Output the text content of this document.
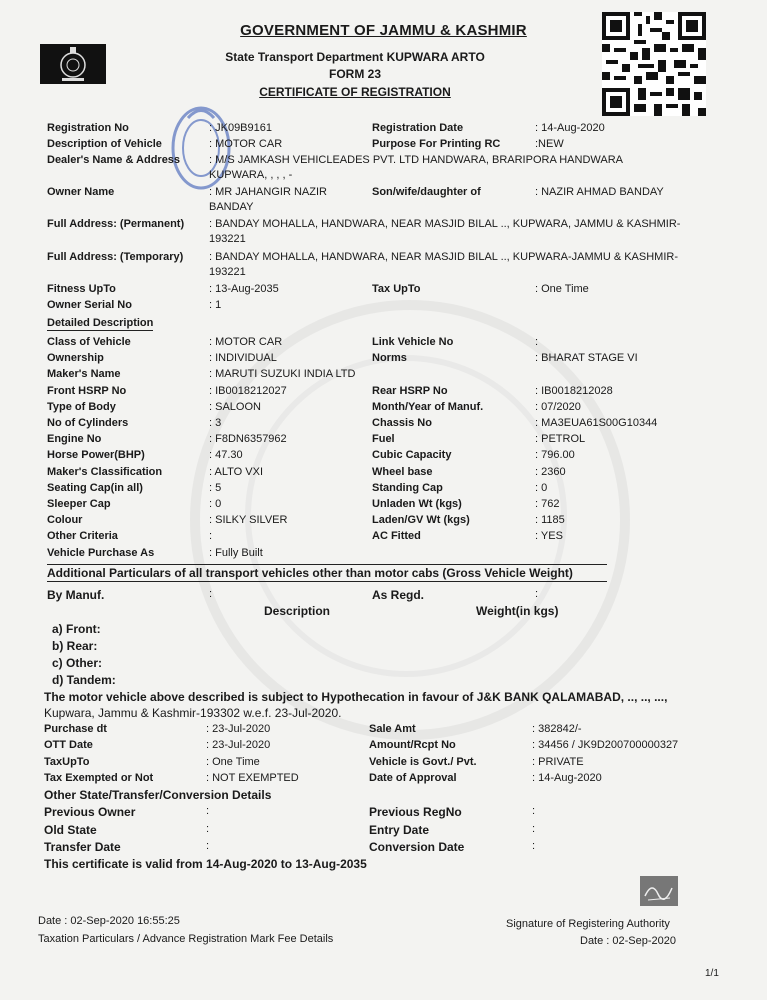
GOVERNMENT OF JAMMU & KASHMIR
State Transport Department KUPWARA ARTO
FORM 23
CERTIFICATE OF REGISTRATION
Registration No	: JK09B9161	Registration Date	: 14-Aug-2020
Description of Vehicle	: MOTOR CAR	Purpose For Printing RC	:NEW
Dealer's Name & Address	: M/S JAMKASH VEHICLEADES PVT. LTD HANDWARA, BRARIPORA HANDWARA
KUPWARA, , , , -
Owner Name	: MR JAHANGIR NAZIR	Son/wife/daughter of	: NAZIR AHMAD BANDAY
BANDAY
Full Address: (Permanent) : BANDAY MOHALLA, HANDWARA, NEAR MASJID BILAL .., KUPWARA, JAMMU & KASHMIR-
193221
Full Address: (Temporary) : BANDAY MOHALLA, HANDWARA, NEAR MASJID BILAL .., KUPWARA-JAMMU & KASHMIR-
193221
Fitness UpTo	: 13-Aug-2035	Tax UpTo	: One Time
Owner Serial No	: 1
Detailed Description
Class of Vehicle	: MOTOR CAR	Link Vehicle No	:
Ownership	: INDIVIDUAL	Norms	: BHARAT STAGE VI
Maker's Name	: MARUTI SUZUKI INDIA LTD
Front HSRP No	: IB0018212027	Rear HSRP No	: IB0018212028
Type of Body	: SALOON	Month/Year of Manuf.	: 07/2020
No of Cylinders	: 3	Chassis No	: MA3EUA61S00G10344
Engine No	: F8DN6357962	Fuel	: PETROL
Horse Power(BHP)	: 47.30	Cubic Capacity	: 796.00
Maker's Classification	: ALTO VXI	Wheel base	: 2360
Seating Cap(in all)	: 5	Standing Cap	: 0
Sleeper Cap	: 0	Unladen Wt (kgs)	: 762
Colour	: SILKY SILVER	Laden/GV Wt (kgs)	: 1185
Other Criteria	:	AC Fitted	: YES
Vehicle Purchase As	: Fully Built
Additional Particulars of all transport vehicles other than motor cabs (Gross Vehicle Weight)
By Manuf.	:	As Regd.	:
Description	Weight(in kgs)
a) Front:
b) Rear:
c) Other:
d) Tandem:
The motor vehicle above described is subject to Hypothecation in favour of J&K BANK QALAMABAD, .., .., ...,
Kupwara, Jammu & Kashmir-193302 w.e.f. 23-Jul-2020.
Purchase dt	: 23-Jul-2020	Sale Amt	: 382842/-
OTT Date	: 23-Jul-2020	Amount/Rcpt No	: 34456 / JK9D200700000327
TaxUpTo	: One Time	Vehicle is Govt./ Pvt.	: PRIVATE
Tax Exempted or Not	: NOT EXEMPTED	Date of Approval	: 14-Aug-2020
Other State/Transfer/Conversion Details
Previous Owner	:	Previous RegNo	:
Old State	:	Entry Date	:
Transfer Date	:	Conversion Date	:
This certificate is valid from 14-Aug-2020 to 13-Aug-2035
Date : 02-Sep-2020 16:55:25
Taxation Particulars / Advance Registration Mark Fee Details
Signature of Registering Authority
Date : 02-Sep-2020
1/1
